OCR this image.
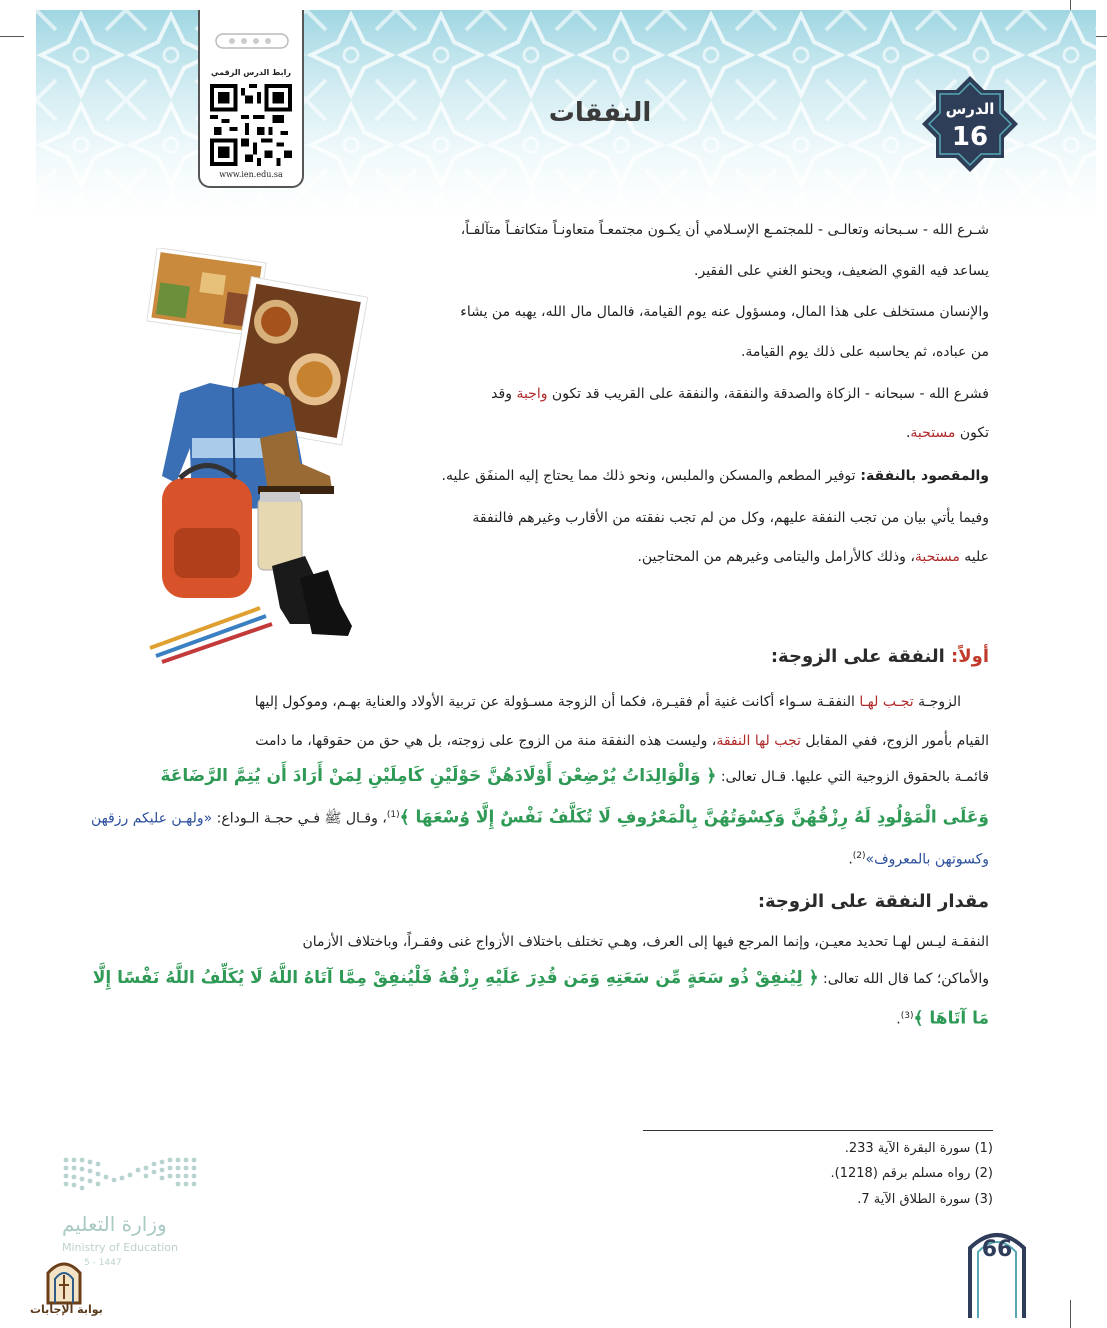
رابط الدرس الرقمي
www.ien.edu.sa
الدرس
16
النفقات
شـرع الله - سـبحانه وتعالـى - للمجتمـع الإسـلامي أن يكـون مجتمعـاً متعاونـاً متكاتفـاً متآلفـاً،
يساعد فيه القوي الضعيف، ويحنو الغني على الفقير.
والإنسان مستخلف على هذا المال، ومسؤول عنه يوم القيامة، فالمال مال الله، يهبه من يشاء
من عباده، ثم يحاسبه على ذلك يوم القيامة.
فشرع الله - سبحانه - الزكاة والصدقة والنفقة، والنفقة على القريب قد تكون واجبة وقد
تكون مستحبة.
والمقصود بالنفقة: توفير المطعم والمسكن والملبس، ونحو ذلك مما يحتاج إليه المنفَق عليه.
وفيما يأتي بيان من تجب النفقة عليهم، وكل من لم تجب نفقته من الأقارب وغيرهم فالنفقة
عليه مستحبة، وذلك كالأرامل واليتامى وغيرهم من المحتاجين.
أولاً: النفقة على الزوجة:
الزوجـة تجـب لهـا النفقـة سـواء أكانت غنية أم فقيـرة، فكما أن الزوجة مسـؤولة عن تربية الأولاد والعناية بهـم، وموكول إليها
القيام بأمور الزوج، ففي المقابل تجب لها النفقة، وليست هذه النفقة منة من الزوج على زوجته، بل هي حق من حقوقها، ما دامت
قائمـة بالحقوق الزوجية التي عليها. قـال تعالى: ﴿ وَالْوَالِدَاتُ يُرْضِعْنَ أَوْلَادَهُنَّ حَوْلَيْنِ كَامِلَيْنِ لِمَنْ أَرَادَ أَن يُتِمَّ الرَّضَاعَةَ
وَعَلَى الْمَوْلُودِ لَهُ رِزْقُهُنَّ وَكِسْوَتُهُنَّ بِالْمَعْرُوفِ لَا تُكَلَّفُ نَفْسٌ إِلَّا وُسْعَهَا ﴾$^{(1)}$، وقـال ﷺ فـي حجـة الـوداع: «ولهـن عليكم رزقهن
وكسوتهن بالمعروف»$^{(2)}$.
مقدار النفقة على الزوجة:
النفقـة ليـس لهـا تحديد معيـن، وإنما المرجع فيها إلى العرف، وهـي تختلف باختلاف الأزواج غنى وفقـراً، وباختلاف الأزمان
والأماكن؛ كما قال الله تعالى: ﴿ لِيُنفِقْ ذُو سَعَةٍ مِّن سَعَتِهِ وَمَن قُدِرَ عَلَيْهِ رِزْقُهُ فَلْيُنفِقْ مِمَّا آتَاهُ اللَّهُ لَا يُكَلِّفُ اللَّهُ نَفْسًا إِلَّا
مَا آتَاهَا ﴾$^{(3)}$.
(1) سورة البقرة الآية 233.
(2) رواه مسلم برقم (1218).
(3) سورة الطلاق الآية 7.
66
وزارة التعليم
Ministry of Education
5 - 1447
بوابة الإجابات
